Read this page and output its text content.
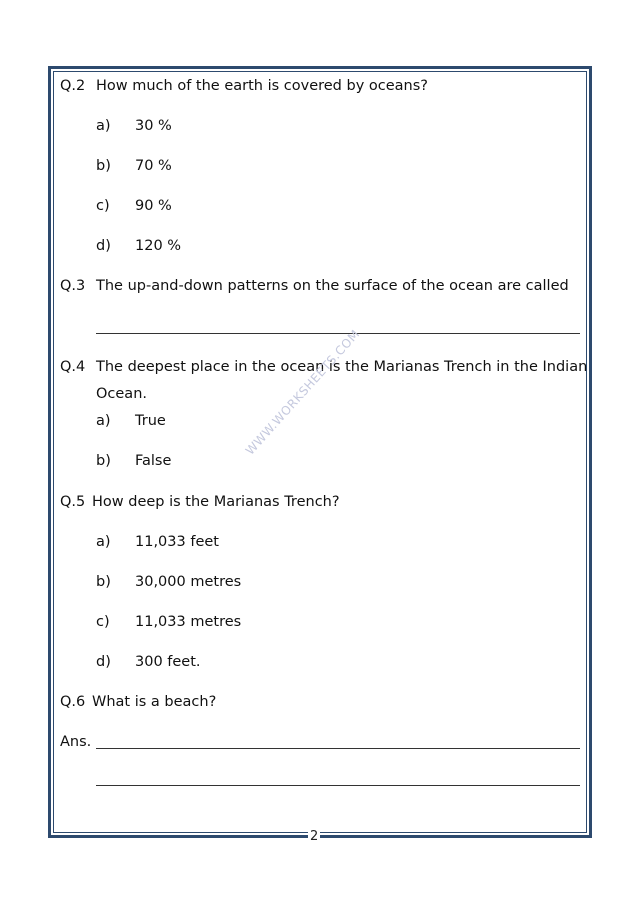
Q.2 How much of the earth is covered by oceans?
a) 30 %
b) 70 %
c) 90 %
d) 120 %
Q.3 The up-and-down patterns on the surface of the ocean are called
Q.4 The deepest place in the ocean is the Marianas Trench in the Indian
Ocean.
a) True
b) False
WWW.WORKSHEETS.COM
Q.5 How deep is the Marianas Trench?
a) 11,033 feet
b) 30,000 metres
c) 11,033 metres
d) 300 feet.
Q.6 What is a beach?
Ans.
2
